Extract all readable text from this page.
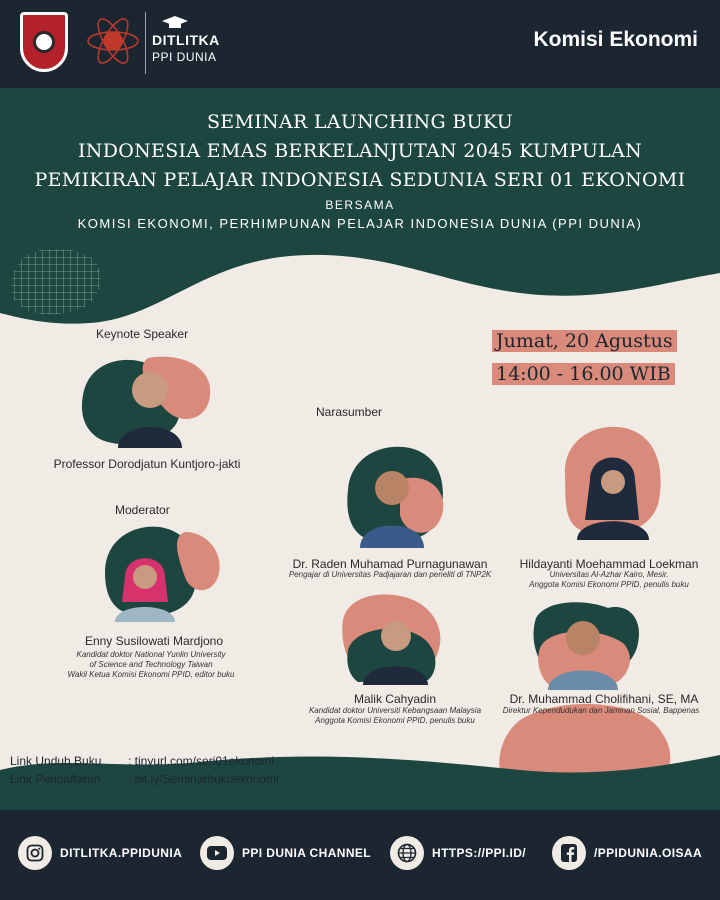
DITLITKA
PPI DUNIA
Komisi Ekonomi
SEMINAR LAUNCHING BUKU
INDONESIA EMAS BERKELANJUTAN 2045 KUMPULAN
PEMIKIRAN PELAJAR INDONESIA SEDUNIA SERI 01 EKONOMI
BERSAMA
KOMISI EKONOMI, PERHIMPUNAN PELAJAR INDONESIA DUNIA (PPI DUNIA)
Jumat, 20 Agustus
14:00 - 16.00 WIB
Keynote Speaker
Professor Dorodjatun Kuntjoro-jakti
Moderator
Enny Susilowati Mardjono
Kandidat doktor National Yunlin University
of Science and Technology Taiwan
Wakil Ketua Komisi Ekonomi PPID, editor buku
Narasumber
Dr. Raden Muhamad Purnagunawan
Pengajar di Universitas Padjajaran dan peneliti di TNP2K
Hildayanti Moehammad Loekman
Universitas Al-Azhar Kairo, Mesir.
Anggota Komisi Ekonomi PPID, penulis buku
Malik Cahyadin
Kandidat doktor Universiti Kebangsaan Malaysia
Anggota Komisi Ekonomi PPID, penulis buku
Dr. Muhammad Cholifihani, SE, MA
Direktur Kependudukan dan Jaminan Sosial, Bappenas
Link Unduh Buku	: tinyurl.com/seri01ekonomi
Link Pendaftaran	: bit.ly/Seminarbukuekonomi
DITLITKA.PPIDUNIA	PPI DUNIA CHANNEL	HTTPS://PPI.ID/	/PPIDUNIA.OISAA
